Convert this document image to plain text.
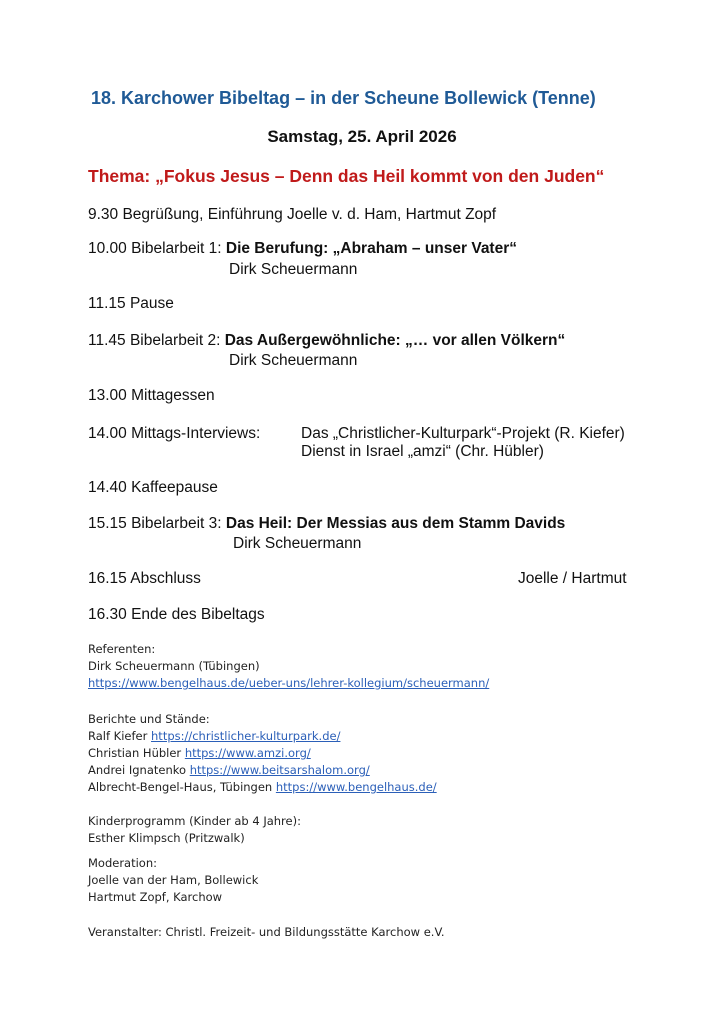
18. Karchower Bibeltag – in der Scheune Bollewick (Tenne)
Samstag, 25. April 2026
Thema: „Fokus Jesus – Denn das Heil kommt von den Juden“
9.30 Begrüßung, Einführung Joelle v. d. Ham, Hartmut Zopf
10.00 Bibelarbeit 1: Die Berufung: „Abraham – unser Vater“
Dirk Scheuermann
11.15 Pause
11.45 Bibelarbeit 2: Das Außergewöhnliche: „… vor allen Völkern“
Dirk Scheuermann
13.00 Mittagessen
14.00 Mittags-Interviews:	Das „Christlicher-Kulturpark“-Projekt (R. Kiefer)
Dienst in Israel „amzi“ (Chr. Hübler)
14.40 Kaffeepause
15.15 Bibelarbeit 3: Das Heil: Der Messias aus dem Stamm Davids
Dirk Scheuermann
16.15 Abschluss	Joelle / Hartmut
16.30 Ende des Bibeltags
Referenten:
Dirk Scheuermann (Tübingen)
https://www.bengelhaus.de/ueber-uns/lehrer-kollegium/scheuermann/
Berichte und Stände:
Ralf Kiefer https://christlicher-kulturpark.de/
Christian Hübler https://www.amzi.org/
Andrei Ignatenko https://www.beitsarshalom.org/
Albrecht-Bengel-Haus, Tübingen https://www.bengelhaus.de/
Kinderprogramm (Kinder ab 4 Jahre):
Esther Klimpsch (Pritzwalk)
Moderation:
Joelle van der Ham, Bollewick
Hartmut Zopf, Karchow
Veranstalter: Christl. Freizeit- und Bildungsstätte Karchow e.V.
